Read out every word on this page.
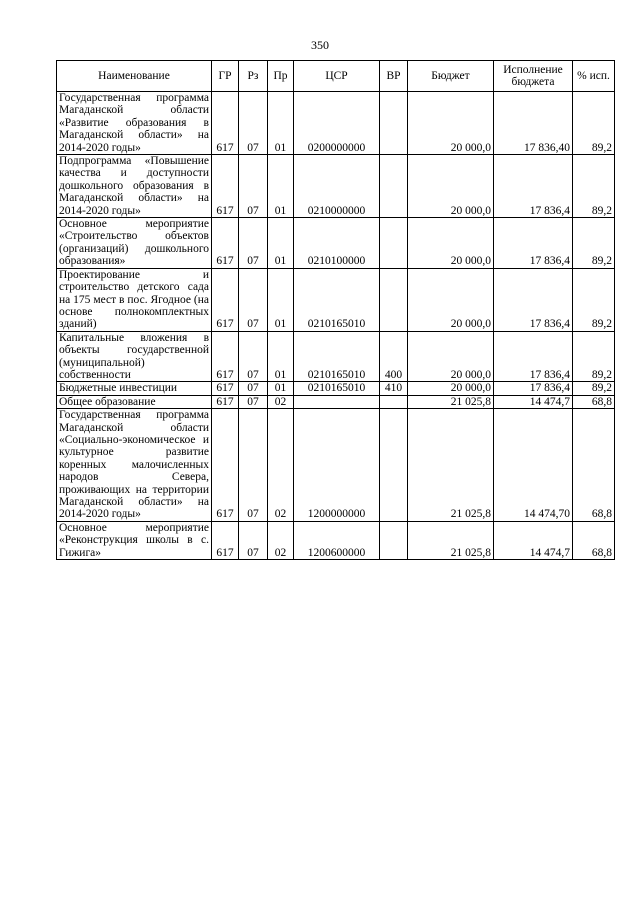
350
Наименование	ГР	Рз	Пр	ЦСР	ВР	Бюджет	Исполнение бюджета	% исп.
Государственная программа Магаданской области «Развитие образования в Магаданской области» на 2014-2020 годы»	617	07	01	0200000000		20 000,0	17 836,40	89,2
Подпрограмма «Повышение качества и доступности дошкольного образования в Магаданской области» на 2014-2020 годы»	617	07	01	0210000000		20 000,0	17 836,4	89,2
Основное мероприятие «Строительство объектов (организаций) дошкольного образования»	617	07	01	0210100000		20 000,0	17 836,4	89,2
Проектирование и строительство детского сада на 175 мест в пос. Ягодное (на основе полнокомплектных зданий)	617	07	01	0210165010		20 000,0	17 836,4	89,2
Капитальные вложения в объекты государственной (муниципальной) собственности	617	07	01	0210165010	400	20 000,0	17 836,4	89,2
Бюджетные инвестиции	617	07	01	0210165010	410	20 000,0	17 836,4	89,2
Общее образование	617	07	02			21 025,8	14 474,7	68,8
Государственная программа Магаданской области «Социально-экономическое и культурное развитие коренных малочисленных народов Севера, проживающих на территории Магаданской области» на 2014-2020 годы»	617	07	02	1200000000		21 025,8	14 474,70	68,8
Основное мероприятие «Реконструкция школы в с. Гижига»	617	07	02	1200600000		21 025,8	14 474,7	68,8
